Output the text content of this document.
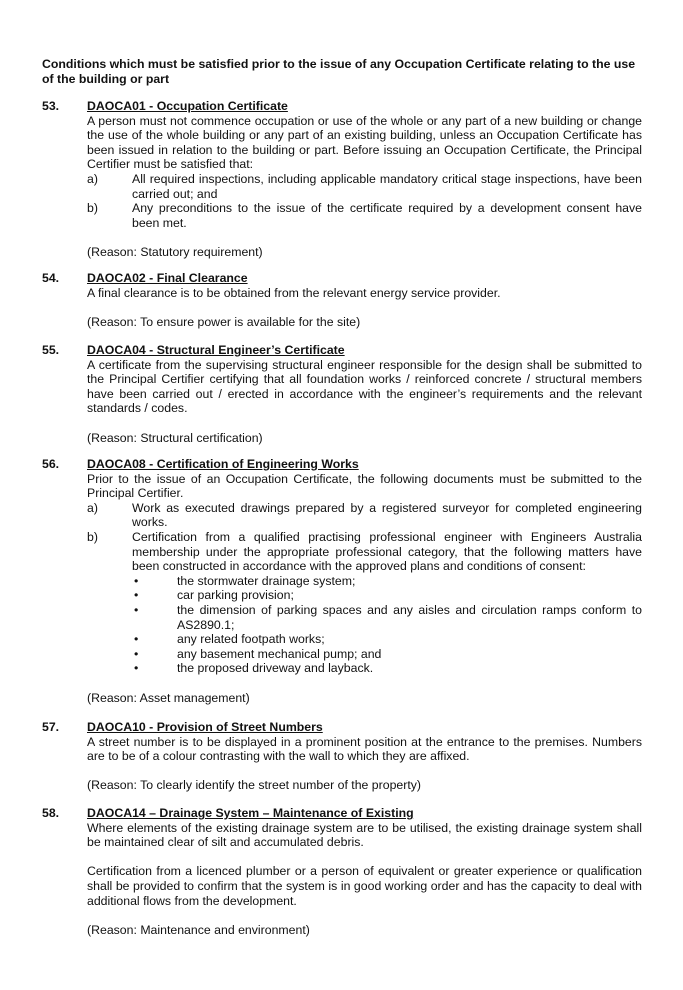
Conditions which must be satisfied prior to the issue of any Occupation Certificate relating to the use of the building or part
53. DAOCA01 - Occupation Certificate
A person must not commence occupation or use of the whole or any part of a new building or change the use of the whole building or any part of an existing building, unless an Occupation Certificate has been issued in relation to the building or part. Before issuing an Occupation Certificate, the Principal Certifier must be satisfied that:
a)	All required inspections, including applicable mandatory critical stage inspections, have been carried out; and
b)	Any preconditions to the issue of the certificate required by a development consent have been met.
(Reason: Statutory requirement)
54. DAOCA02 - Final Clearance
A final clearance is to be obtained from the relevant energy service provider.
(Reason: To ensure power is available for the site)
55. DAOCA04 - Structural Engineer’s Certificate
A certificate from the supervising structural engineer responsible for the design shall be submitted to the Principal Certifier certifying that all foundation works / reinforced concrete / structural members have been carried out / erected in accordance with the engineer’s requirements and the relevant standards / codes.
(Reason: Structural certification)
56. DAOCA08 - Certification of Engineering Works
Prior to the issue of an Occupation Certificate, the following documents must be submitted to the Principal Certifier.
a)	Work as executed drawings prepared by a registered surveyor for completed engineering works.
b)	Certification from a qualified practising professional engineer with Engineers Australia membership under the appropriate professional category, that the following matters have been constructed in accordance with the approved plans and conditions of consent:
•	the stormwater drainage system;
•	car parking provision;
•	the dimension of parking spaces and any aisles and circulation ramps conform to AS2890.1;
•	any related footpath works;
•	any basement mechanical pump; and
•	the proposed driveway and layback.
(Reason: Asset management)
57. DAOCA10 - Provision of Street Numbers
A street number is to be displayed in a prominent position at the entrance to the premises. Numbers are to be of a colour contrasting with the wall to which they are affixed.
(Reason: To clearly identify the street number of the property)
58. DAOCA14 – Drainage System – Maintenance of Existing
Where elements of the existing drainage system are to be utilised, the existing drainage system shall be maintained clear of silt and accumulated debris.
Certification from a licenced plumber or a person of equivalent or greater experience or qualification shall be provided to confirm that the system is in good working order and has the capacity to deal with additional flows from the development.
(Reason: Maintenance and environment)
